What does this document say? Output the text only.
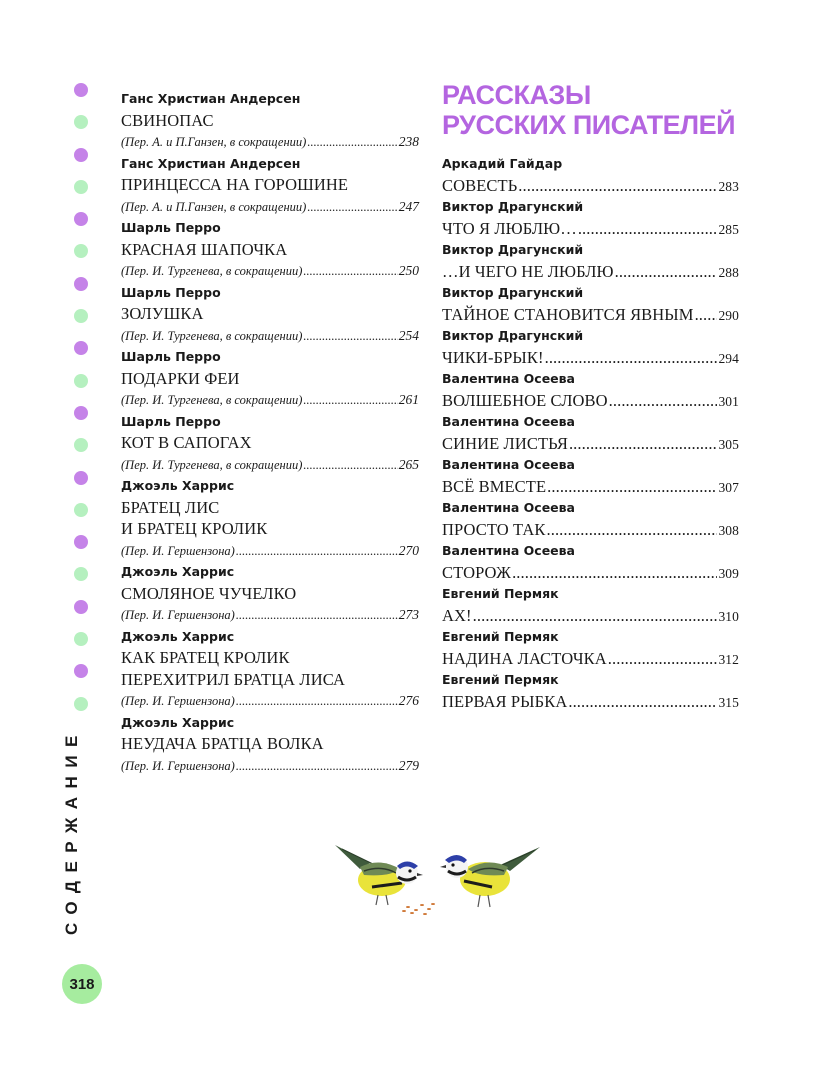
СОДЕРЖАНИЕ
318
Ганс Христиан Андерсен
СВИНОПАС
(Пер. А. и П.Ганзен, в сокращении) .....	238
Ганс Христиан Андерсен
ПРИНЦЕССА НА ГОРОШИНЕ
(Пер. А. и П.Ганзен, в сокращении) .....	247
Шарль Перро
КРАСНАЯ ШАПОЧКА
(Пер. И. Тургенева, в сокращении) .....	250
Шарль Перро
ЗОЛУШКА
(Пер. И. Тургенева, в сокращении) .....	254
Шарль Перро
ПОДАРКИ ФЕИ
(Пер. И. Тургенева, в сокращении) .....	261
Шарль Перро
КОТ В САПОГАХ
(Пер. И. Тургенева, в сокращении) .....	265
Джоэль Харрис
БРАТЕЦ ЛИС
И БРАТЕЦ КРОЛИК
(Пер. И. Гершензона) .....	270
Джоэль Харрис
СМОЛЯНОЕ ЧУЧЕЛКО
(Пер. И. Гершензона) .....	273
Джоэль Харрис
КАК БРАТЕЦ КРОЛИК
ПЕРЕХИТРИЛ БРАТЦА ЛИСА
(Пер. И. Гершензона) .....	276
Джоэль Харрис
НЕУДАЧА БРАТЦА ВОЛКА
(Пер. И. Гершензона) .....	279
РАССКАЗЫ
РУССКИХ ПИСАТЕЛЕЙ
Аркадий Гайдар
СОВЕСТЬ .....	283
Виктор Драгунский
ЧТО Я ЛЮБЛЮ… .....	285
Виктор Драгунский
…И ЧЕГО НЕ ЛЮБЛЮ .....	288
Виктор Драгунский
ТАЙНОЕ СТАНОВИТСЯ ЯВНЫМ ..... 290
Виктор Драгунский
ЧИКИ-БРЫК! .....	294
Валентина Осеева
ВОЛШЕБНОЕ СЛОВО .....	301
Валентина Осеева
СИНИЕ ЛИСТЬЯ .....	305
Валентина Осеева
ВСЁ ВМЕСТЕ .....	307
Валентина Осеева
ПРОСТО ТАК .....	308
Валентина Осеева
СТОРОЖ .....	309
Евгений Пермяк
АХ! .....	310
Евгений Пермяк
НАДИНА ЛАСТОЧКА .....	312
Евгений Пермяк
ПЕРВАЯ РЫБКА .....	315
